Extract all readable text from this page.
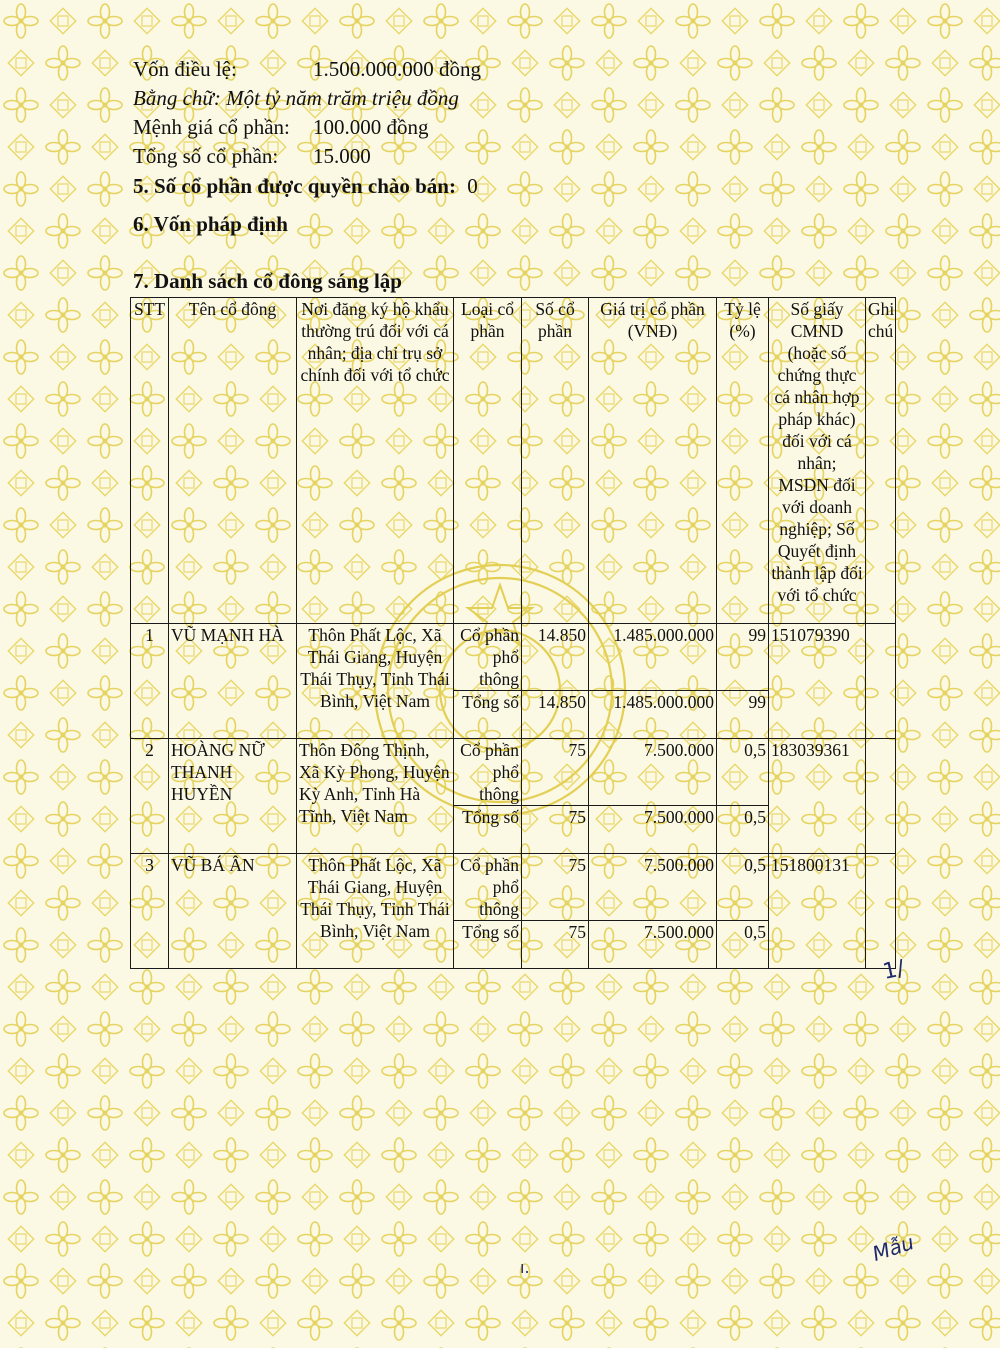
Vốn điều lệ:	1.500.000.000 đồng
Bằng chữ: Một tỷ năm trăm triệu đồng
Mệnh giá cổ phần: 100.000 đồng
Tổng số cổ phần: 15.000
5. Số cổ phần được quyền chào bán: 0
6. Vốn pháp định
7. Danh sách cổ đông sáng lập
STT	Tên cổ đông	Nơi đăng ký hộ khẩu thường trú đối với cá nhân; địa chỉ trụ sở chính đối với tổ chức	Loại cổ phần	Số cổ phần	Giá trị cổ phần (VNĐ)	Tỷ lệ (%)	Số giấy CMND (hoặc số chứng thực cá nhân hợp pháp khác) đối với cá nhân; MSDN đối với doanh nghiệp; Số Quyết định thành lập đối với tổ chức	Ghi chú
1	VŨ MẠNH HÀ	Thôn Phất Lộc, Xã Thái Giang, Huyện Thái Thụy, Tỉnh Thái Bình, Việt Nam	Cổ phần phổ thông	14.850	1.485.000.000	99	151079390	
			Tổng số	14.850	1.485.000.000	99		
2	HOÀNG NỮ THANH HUYỀN	Thôn Đông Thịnh, Xã Kỳ Phong, Huyện Kỳ Anh, Tỉnh Hà Tĩnh, Việt Nam	Cổ phần phổ thông	75	7.500.000	0,5	183039361	
			Tổng số	75	7.500.000	0,5		
3	VŨ BÁ ÂN	Thôn Phất Lộc, Xã Thái Giang, Huyện Thái Thụy, Tỉnh Thái Bình, Việt Nam	Cổ phần phổ thông	75	7.500.000	0,5	151800131	
			Tổng số	75	7.500.000	0,5		
1/
Mẫu
ı.
